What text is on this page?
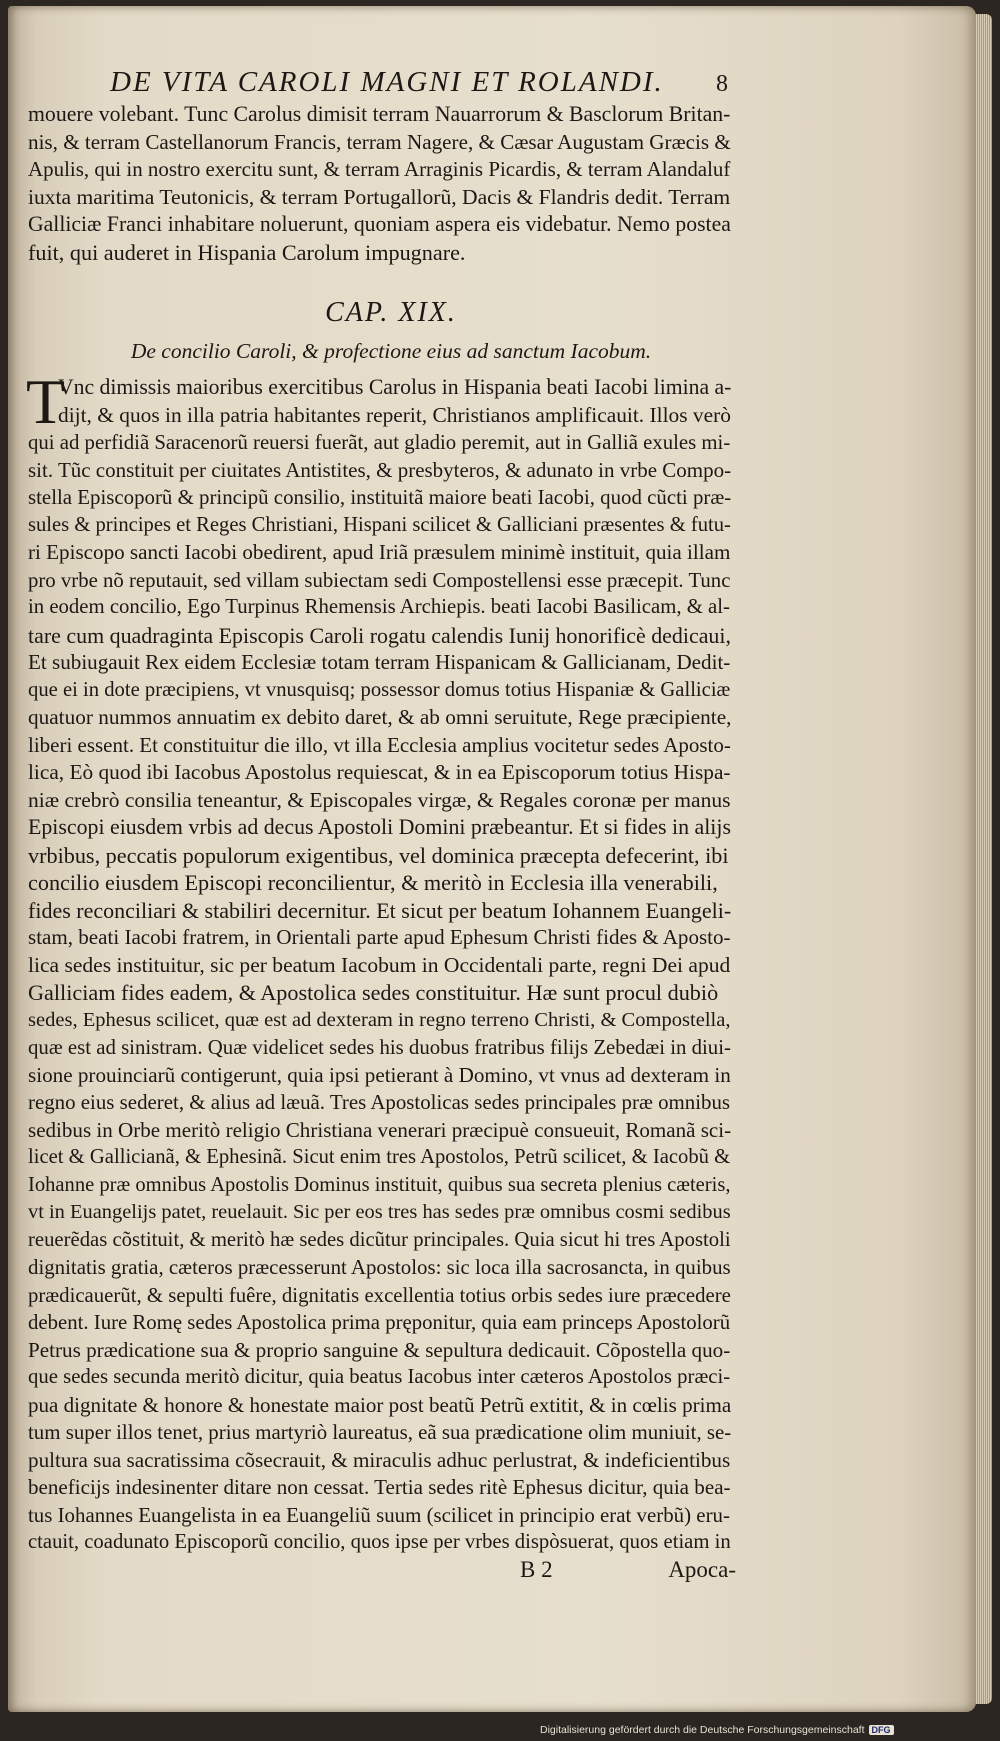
DE VITA CAROLI MAGNI ET ROLANDI. 8

mouere volebant. Tunc Carolus dimisit terram Nauarrorum & Basclorum Britan-
nis, & terram Castellanorum Francis, terram Nagere, & Cæsar Augustam Græcis &
Apulis, qui in nostro exercitu sunt, & terram Arraginis Picardis, & terram Alandaluf
iuxta maritima Teutonicis, & terram Portugallorũ, Dacis & Flandris dedit. Terram
Galliciæ Franci inhabitare noluerunt, quoniam aspera eis videbatur. Nemo postea
fuit, qui auderet in Hispania Carolum impugnare.

CAP. XIX.
De concilio Caroli, & profectione eius ad sanctum Iacobum.
T

Vnc dimissis maioribus exercitibus Carolus in Hispania beati Iacobi limina a-
dijt, & quos in illa patria habitantes reperit, Christianos amplificauit. Illos verò
qui ad perfidiã Saracenorũ reuersi fuerãt, aut gladio peremit, aut in Galliã exules mi-
sit. Tũc constituit per ciuitates Antistites, & presbyteros, & adunato in vrbe Compo-
stella Episcoporũ & principũ consilio, instituitã maiore beati Iacobi, quod cũcti præ-
sules & principes et Reges Christiani, Hispani scilicet & Galliciani præsentes & futu-
ri Episcopo sancti Iacobi obedirent, apud Iriã præsulem minimè instituit, quia illam
pro vrbe nõ reputauit, sed villam subiectam sedi Compostellensi esse præcepit. Tunc
in eodem concilio, Ego Turpinus Rhemensis Archiepis. beati Iacobi Basilicam, & al-
tare cum quadraginta Episcopis Caroli rogatu calendis Iunij honorificè dedicaui,
Et subiugauit Rex eidem Ecclesiæ totam terram Hispanicam & Gallicianam, Dedit-
que ei in dote præcipiens, vt vnusquisq; possessor domus totius Hispaniæ & Galliciæ
quatuor nummos annuatim ex debito daret, & ab omni seruitute, Rege præcipiente,
liberi essent. Et constituitur die illo, vt illa Ecclesia amplius vocitetur sedes Aposto-
lica, Eò quod ibi Iacobus Apostolus requiescat, & in ea Episcoporum totius Hispa-
niæ crebrò consilia teneantur, & Episcopales virgæ, & Regales coronæ per manus
Episcopi eiusdem vrbis ad decus Apostoli Domini præbeantur. Et si fides in alijs
vrbibus, peccatis populorum exigentibus, vel dominica præcepta defecerint, ibi
concilio eiusdem Episcopi reconcilientur, & meritò in Ecclesia illa venerabili,
fides reconciliari & stabiliri decernitur. Et sicut per beatum Iohannem Euangeli-
stam, beati Iacobi fratrem, in Orientali parte apud Ephesum Christi fides & Aposto-
lica sedes instituitur, sic per beatum Iacobum in Occidentali parte, regni Dei apud
Galliciam fides eadem, & Apostolica sedes constituitur. Hæ sunt procul dubiò
sedes, Ephesus scilicet, quæ est ad dexteram in regno terreno Christi, & Compostella,
quæ est ad sinistram. Quæ videlicet sedes his duobus fratribus filijs Zebedæi in diui-
sione prouinciarũ contigerunt, quia ipsi petierant à Domino, vt vnus ad dexteram in
regno eius sederet, & alius ad læuã. Tres Apostolicas sedes principales præ omnibus
sedibus in Orbe meritò religio Christiana venerari præcipuè consueuit, Romanã sci-
licet & Gallicianã, & Ephesinã. Sicut enim tres Apostolos, Petrũ scilicet, & Iacobũ &
Iohanne præ omnibus Apostolis Dominus instituit, quibus sua secreta plenius cæteris,
vt in Euangelijs patet, reuelauit. Sic per eos tres has sedes præ omnibus cosmi sedibus
reuerẽdas cõstituit, & meritò hæ sedes dicũtur principales. Quia sicut hi tres Apostoli
dignitatis gratia, cæteros præcesserunt Apostolos: sic loca illa sacrosancta, in quibus
prædicauerũt, & sepulti fuêre, dignitatis excellentia totius orbis sedes iure præcedere
debent. Iure Romę sedes Apostolica prima pręponitur, quia eam princeps Apostolorũ
Petrus prædicatione sua & proprio sanguine & sepultura dedicauit. Cõpostella quo-
que sedes secunda meritò dicitur, quia beatus Iacobus inter cæteros Apostolos præci-
pua dignitate & honore & honestate maior post beatũ Petrũ extitit, & in cœlis prima
tum super illos tenet, prius martyriò laureatus, eã sua prædicatione olim muniuit, se-
pultura sua sacratissima cõsecrauit, & miraculis adhuc perlustrat, & indeficientibus
beneficijs indesinenter ditare non cessat. Tertia sedes ritè Ephesus dicitur, quia bea-
tus Iohannes Euangelista in ea Euangeliũ suum (scilicet in principio erat verbũ) eru-
ctauit, coadunato Episcoporũ concilio, quos ipse per vrbes dispòsuerat, quos etiam in

B 2	Apoca-
Digitalisierung gefördert durch die Deutsche Forschungsgemeinschaft DFG
